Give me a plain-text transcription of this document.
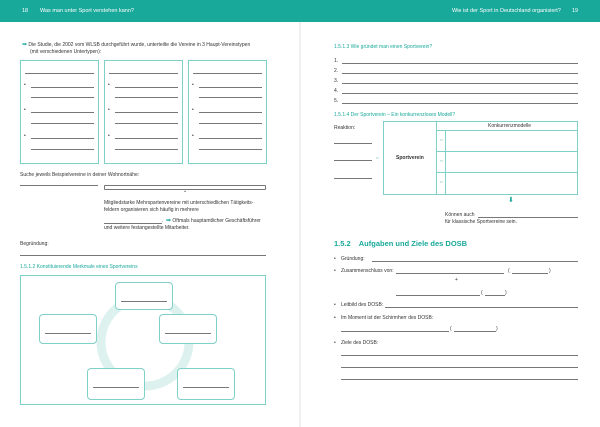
18 Was man unter Sport verstehen kann?	Wie ist der Sport in Deutschland organisiert? 19
➡ Die Studie, die 2002 vom WLSB durchgeführt wurde, unterteilte die Vereine in 3 Haupt-Vereinstypen
(mit verschiedenen Untertypen):
•
•
•
•
•
•
•
•
•
Suche jeweils Beispielvereine in deiner Wohnortnähe:
⌄
Mitgliedstarke Mehrspartenvereine mit unterschiedlichen Tätigkeits-
feldern organisieren sich häufig in mehrere
. ➡ Oftmals hauptamtlicher Geschäftsführer
und weitere festangestellte Mitarbeiter.
Begründung:
1.5.1.2 Konstituierende Merkmale eines Sportvereins
1.5.1.3 Wie gründet man einen Sportverein?
1.
2.
3.
4.
5.
1.5.1.4 Der Sportverein – Ein konkurrenzloses Modell?
Reaktion:
Sportverein
Konkurrenzmodelle
⇔
⇔
⇔
⇔
⬇
Können auch
für klassische Sportvereine sein.
1.5.2 Aufgaben und Ziele des DOSB
• Gründung:
• Zusammenschluss von:	(	)
+
(	)
• Leitbild des DOSB:
• Im Moment ist der Schirmherr des DOSB:
(	)
• Ziele des DOSB:
